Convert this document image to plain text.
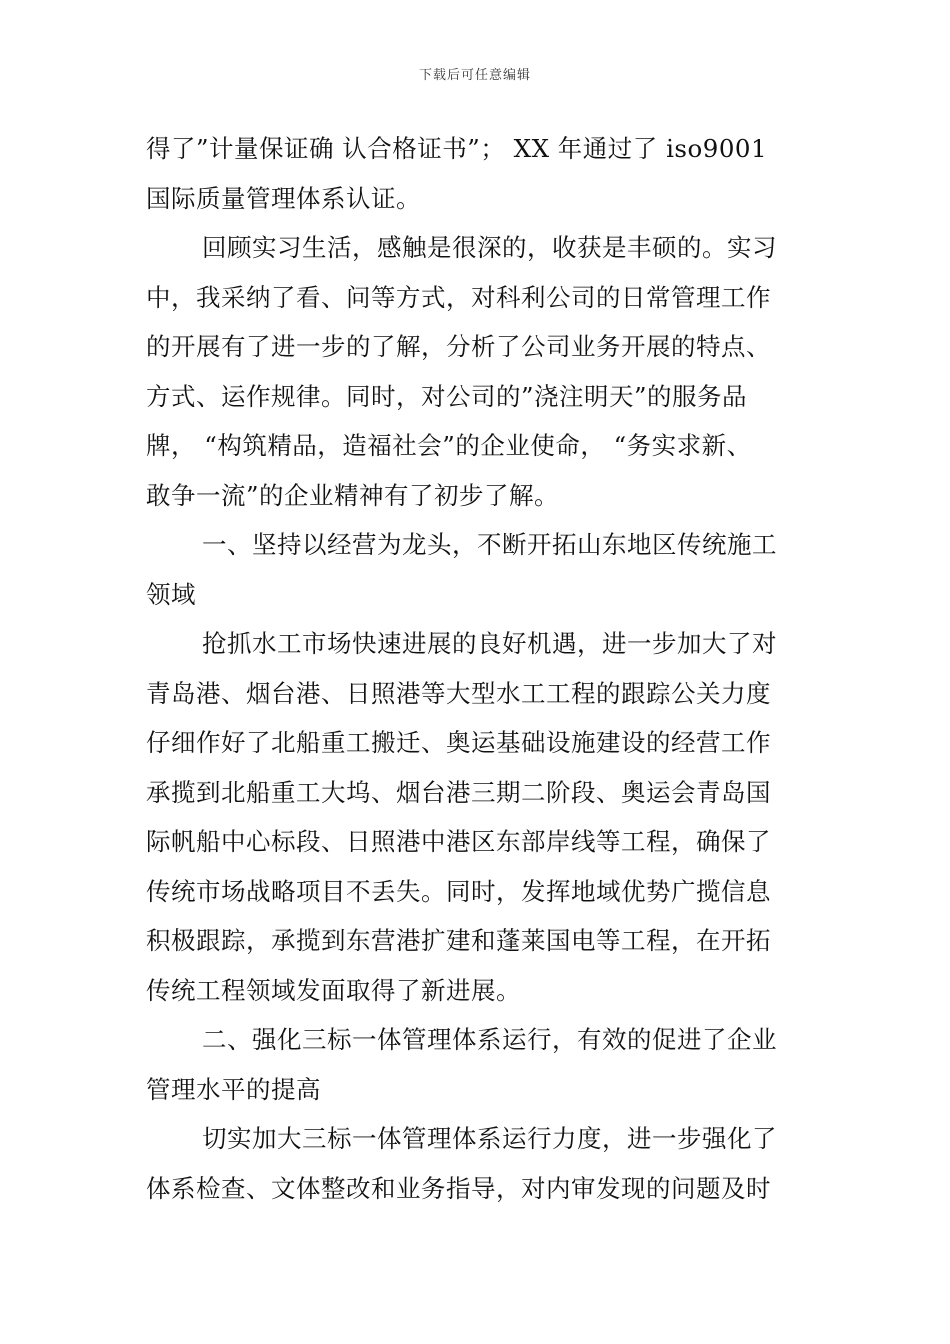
下载后可任意编辑
得了”计量保证确 认合格证书”； XX 年通过了 iso9001
国际质量管理体系认证。
回顾实习生活，感触是很深的，收获是丰硕的。实习
中，我采纳了看、问等方式，对科利公司的日常管理工作
的开展有了进一步的了解，分析了公司业务开展的特点、
方式、运作规律。同时，对公司的”浇注明天”的服务品
牌， “构筑精品，造福社会”的企业使命， “务实求新、
敢争一流”的企业精神有了初步了解。
一、坚持以经营为龙头，不断开拓山东地区传统施工
领域
抢抓水工市场快速进展的良好机遇，进一步加大了对
青岛港、烟台港、日照港等大型水工工程的跟踪公关力度
仔细作好了北船重工搬迁、奥运基础设施建设的经营工作
承揽到北船重工大坞、烟台港三期二阶段、奥运会青岛国
际帆船中心标段、日照港中港区东部岸线等工程，确保了
传统市场战略项目不丢失。同时，发挥地域优势广揽信息
积极跟踪，承揽到东营港扩建和蓬莱国电等工程，在开拓
传统工程领域发面取得了新进展。
二、强化三标一体管理体系运行，有效的促进了企业
管理水平的提高
切实加大三标一体管理体系运行力度，进一步强化了
体系检查、文体整改和业务指导，对内审发现的问题及时
